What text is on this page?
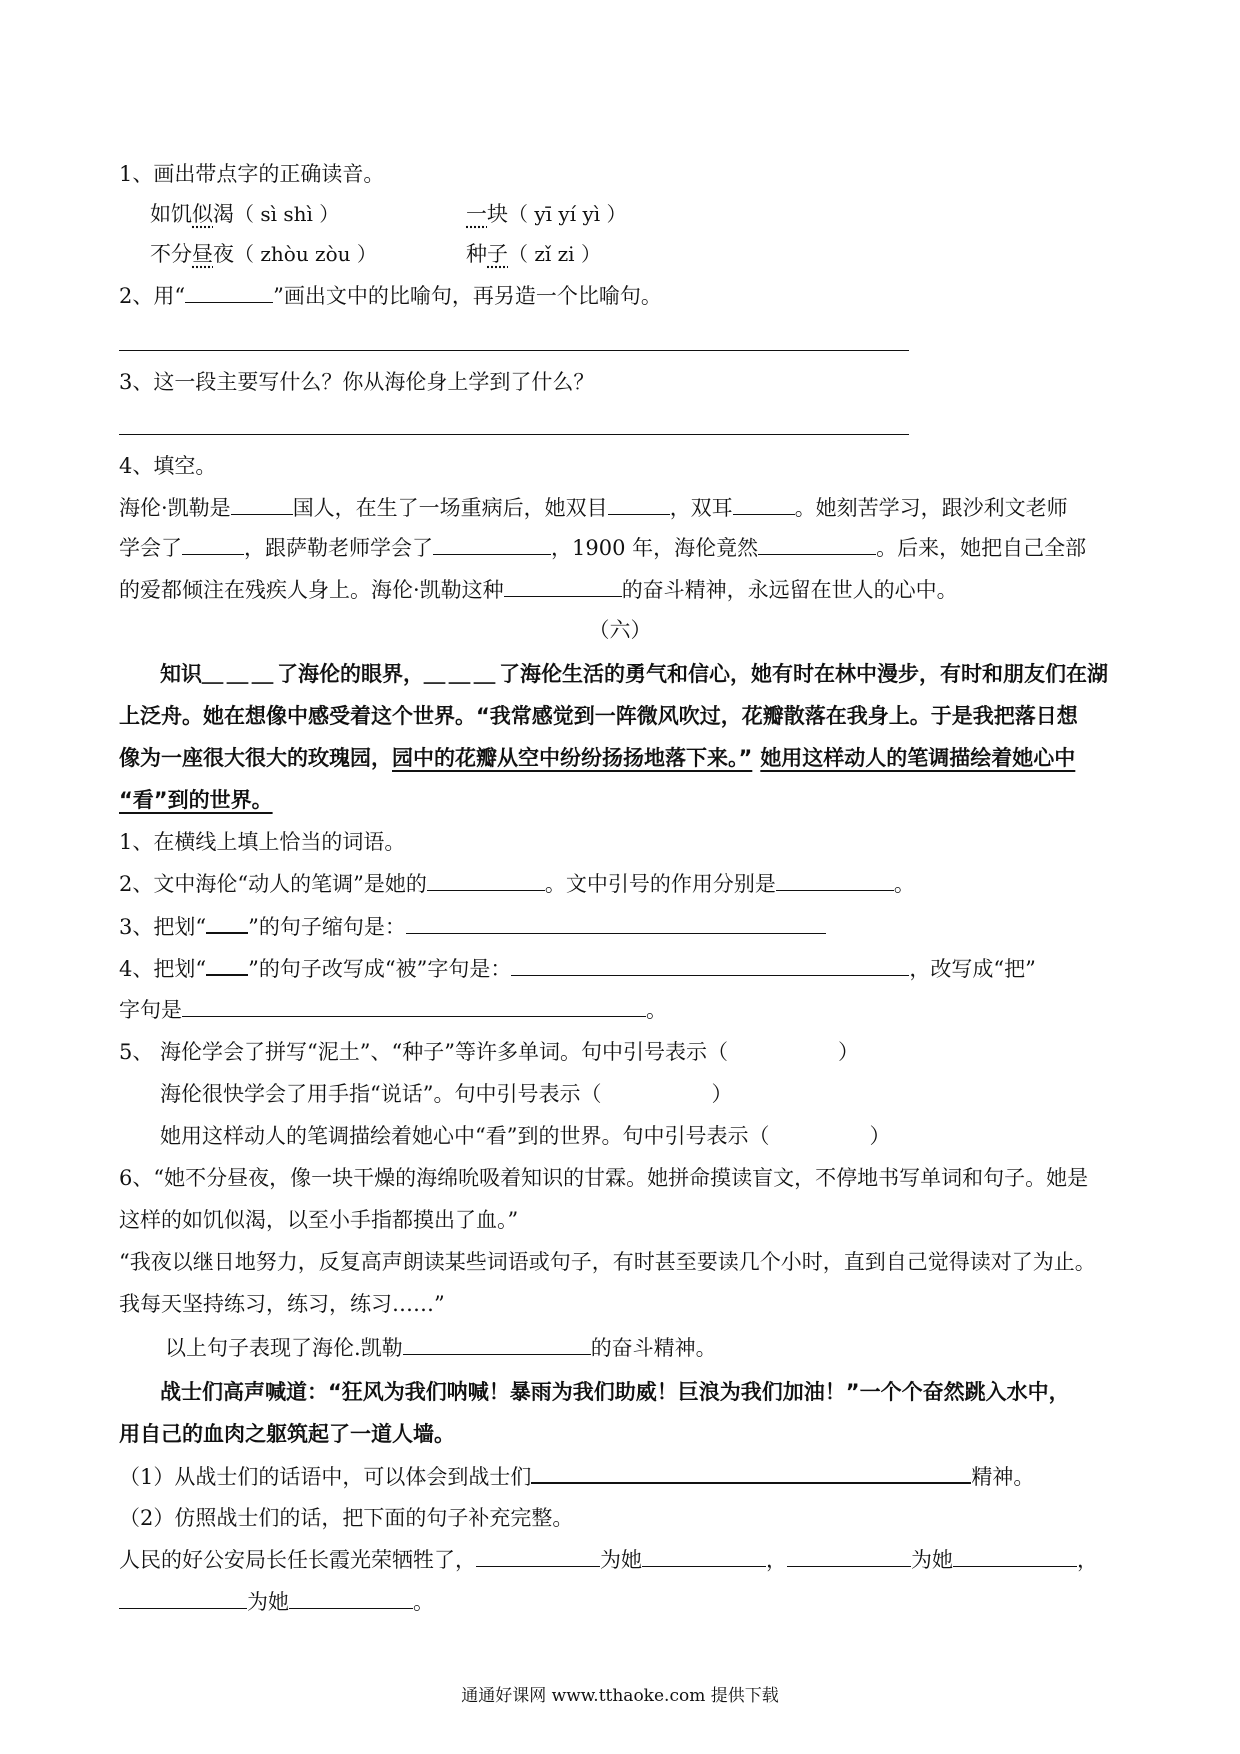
1、画出带点字的正确读音。
如饥似渴（ sì shì ）	一块（ yī yí yì ）
不分昼夜（ zhòu zòu ）	种子（ zǐ zi ）
2、用“	”画出文中的比喻句，再另造一个比喻句。
3、这一段主要写什么？你从海伦身上学到了什么？
4、填空。
海伦·凯勒是	国人，在生了一场重病后，她双目	，双耳	。她刻苦学习，跟沙利文老师
学会了	，跟萨勒老师学会了	，1900 年，海伦竟然	。后来，她把自己全部
的爱都倾注在残疾人身上。海伦·凯勒这种	的奋斗精神，永远留在世人的心中。
（六）
知识＿＿＿了海伦的眼界，＿＿＿了海伦生活的勇气和信心，她有时在林中漫步，有时和朋友们在湖
上泛舟。她在想像中感受着这个世界。“我常感觉到一阵微风吹过，花瓣散落在我身上。于是我把落日想
像为一座很大很大的玫瑰园，园中的花瓣从空中纷纷扬扬地落下来。” 她用这样动人的笔调描绘着她心中
“看”到的世界。
1、在横线上填上恰当的词语。
2、文中海伦“动人的笔调”是她的	。文中引号的作用分别是	。
3、把划“ ”的句子缩句是：
4、把划“ ”的句子改写成“被”字句是：	，改写成“把”
字句是	。
5、 海伦学会了拼写“泥土”、“种子”等许多单词。句中引号表示（	）
海伦很快学会了用手指“说话”。句中引号表示（	）
她用这样动人的笔调描绘着她心中“看”到的世界。句中引号表示（	）
6、“她不分昼夜，像一块干燥的海绵吮吸着知识的甘霖。她拼命摸读盲文，不停地书写单词和句子。她是
这样的如饥似渴，以至小手指都摸出了血。”
“我夜以继日地努力，反复高声朗读某些词语或句子，有时甚至要读几个小时，直到自己觉得读对了为止。
我每天坚持练习，练习，练习……”
以上句子表现了海伦.凯勒	的奋斗精神。
战士们高声喊道：“狂风为我们呐喊！暴雨为我们助威！巨浪为我们加油！”一个个奋然跳入水中，
用自己的血肉之躯筑起了一道人墙。
（1）从战士们的话语中，可以体会到战士们	精神。
（2）仿照战士们的话，把下面的句子补充完整。
人民的好公安局长任长霞光荣牺牲了，	为她	，	为她	，
为她	。
通通好课网 www.tthaoke.com 提供下载
